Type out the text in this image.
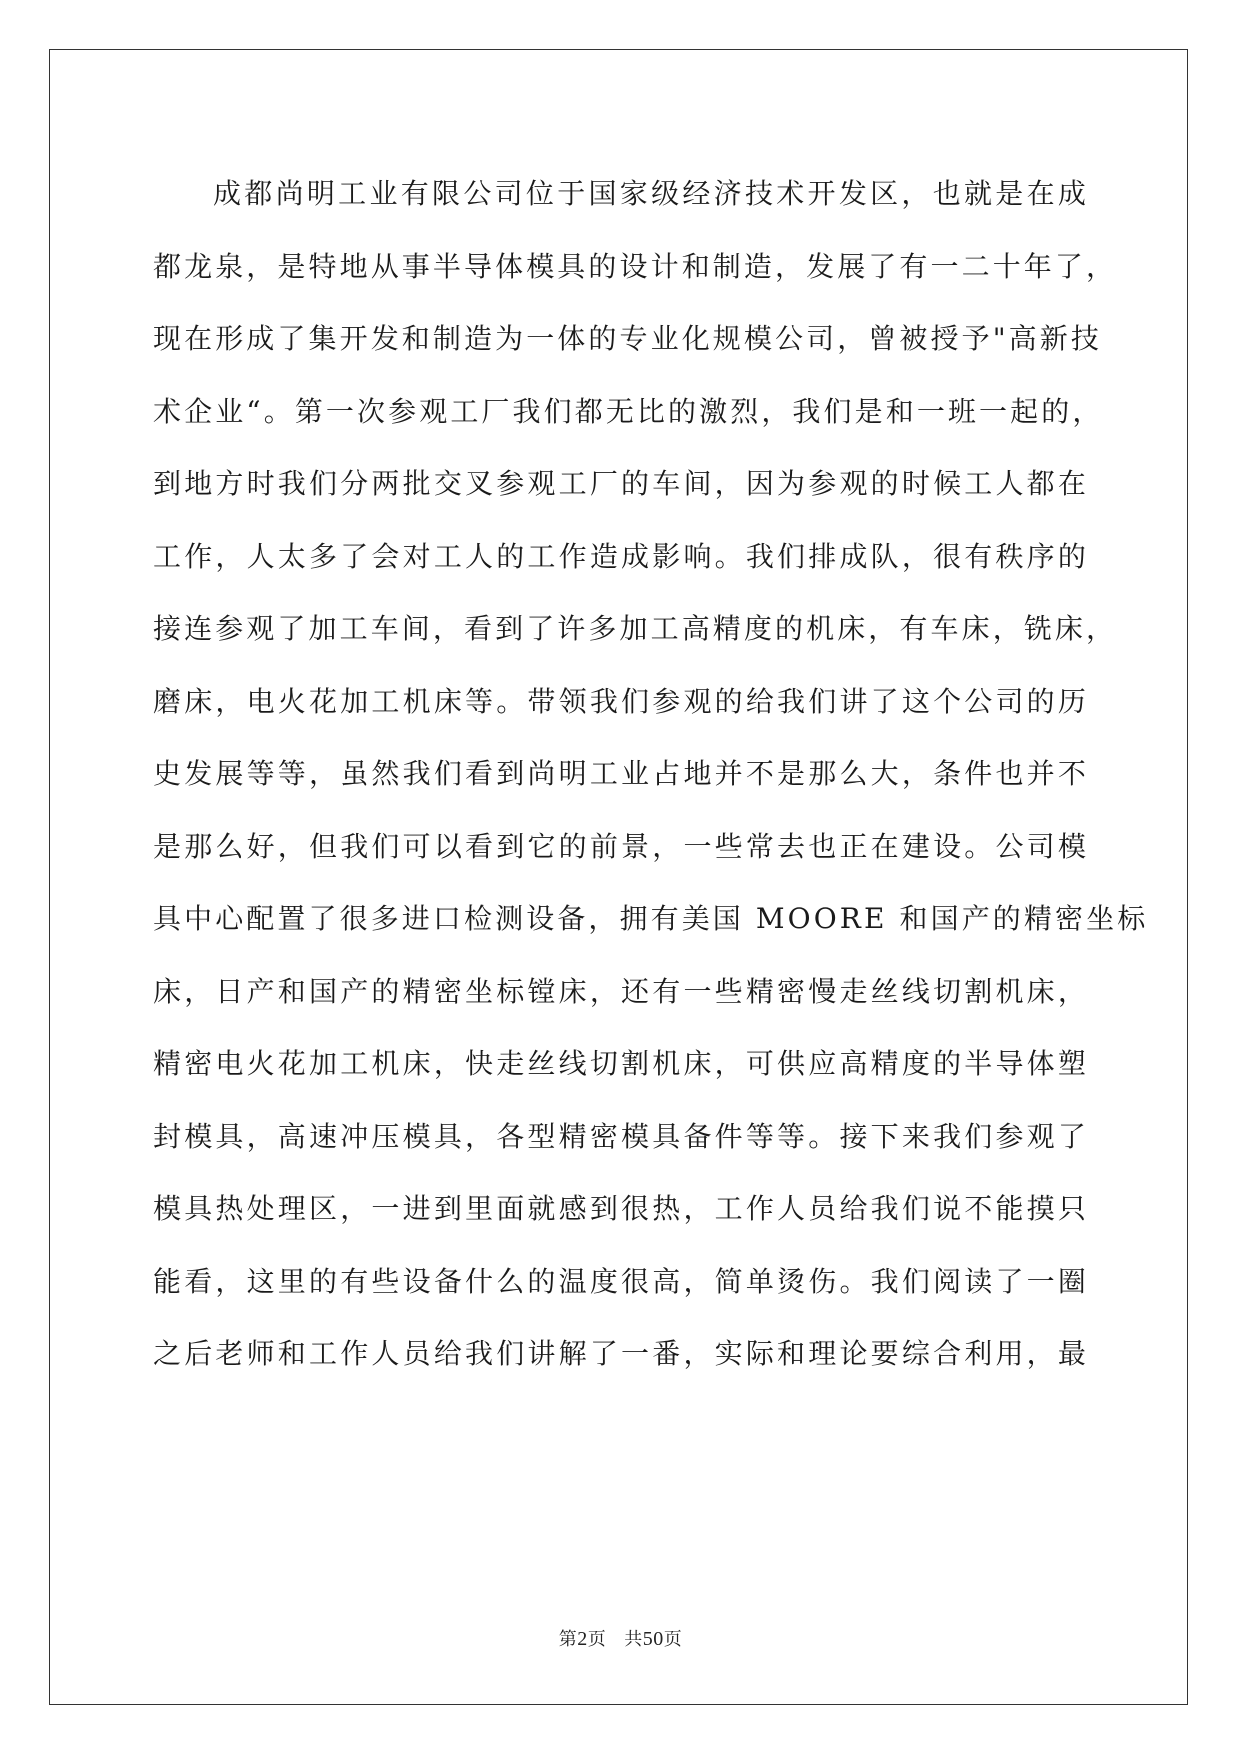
成都尚明工业有限公司位于国家级经济技术开发区，也就是在成
都龙泉，是特地从事半导体模具的设计和制造，发展了有一二十年了，
现在形成了集开发和制造为一体的专业化规模公司，曾被授予"高新技
术企业“。第一次参观工厂我们都无比的激烈，我们是和一班一起的，
到地方时我们分两批交叉参观工厂的车间，因为参观的时候工人都在
工作，人太多了会对工人的工作造成影响。我们排成队，很有秩序的
接连参观了加工车间，看到了许多加工高精度的机床，有车床，铣床，
磨床，电火花加工机床等。带领我们参观的给我们讲了这个公司的历
史发展等等，虽然我们看到尚明工业占地并不是那么大，条件也并不
是那么好，但我们可以看到它的前景，一些常去也正在建设。公司模
具中心配置了很多进口检测设备，拥有美国 MOORE 和国产的精密坐标
床，日产和国产的精密坐标镗床，还有一些精密慢走丝线切割机床，
精密电火花加工机床，快走丝线切割机床，可供应高精度的半导体塑
封模具，高速冲压模具，各型精密模具备件等等。接下来我们参观了
模具热处理区，一进到里面就感到很热，工作人员给我们说不能摸只
能看，这里的有些设备什么的温度很高，简单烫伤。我们阅读了一圈
之后老师和工作人员给我们讲解了一番，实际和理论要综合利用，最
第2页 共50页
